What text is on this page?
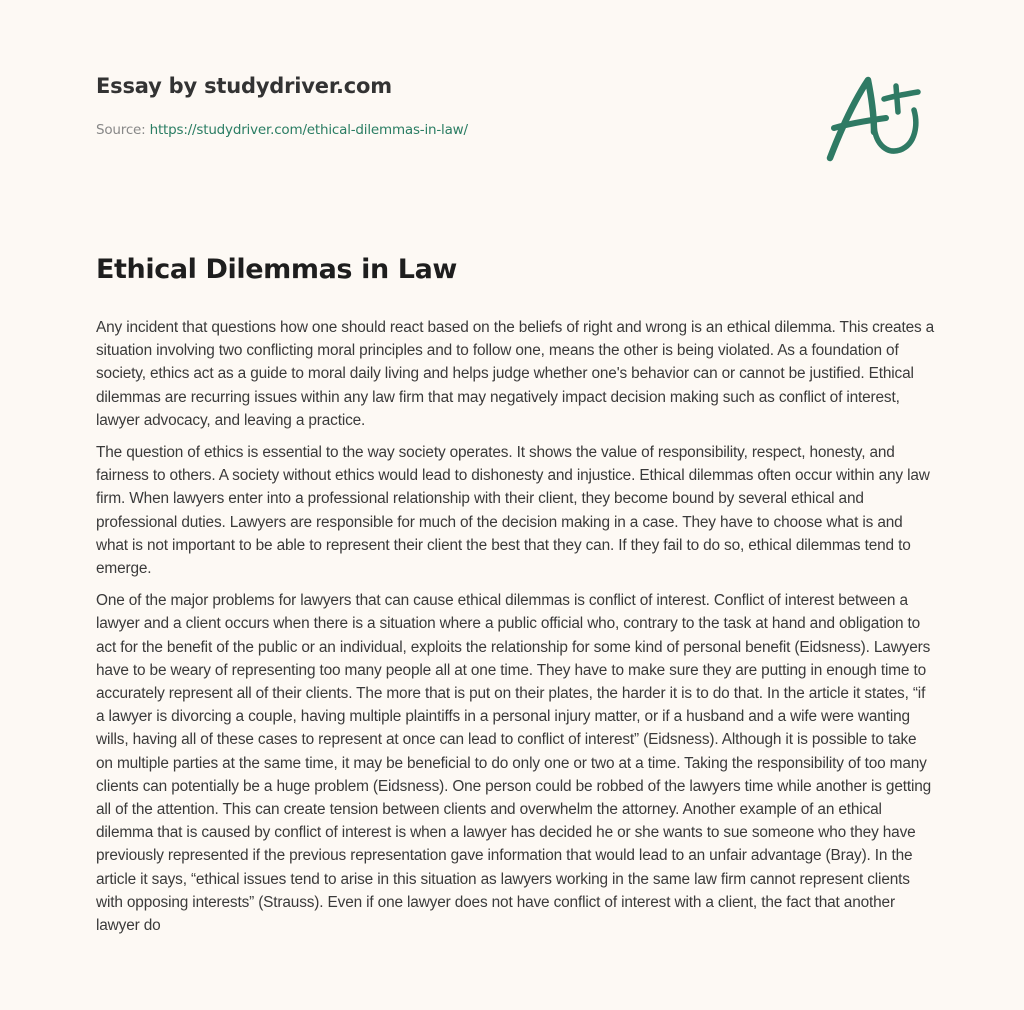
Essay by studydriver.com
Source: https://studydriver.com/ethical-dilemmas-in-law/
Ethical Dilemmas in Law

Any incident that questions how one should react based on the beliefs of right and wrong is an ethical dilemma. This creates a situation involving two conflicting moral principles and to follow one, means the other is being violated. As a foundation of society, ethics act as a guide to moral daily living and helps judge whether one's behavior can or cannot be justified. Ethical dilemmas are recurring issues within any law firm that may negatively impact decision making such as conflict of interest, lawyer advocacy, and leaving a practice.

The question of ethics is essential to the way society operates. It shows the value of responsibility, respect, honesty, and fairness to others. A society without ethics would lead to dishonesty and injustice. Ethical dilemmas often occur within any law firm. When lawyers enter into a professional relationship with their client, they become bound by several ethical and professional duties. Lawyers are responsible for much of the decision making in a case. They have to choose what is and what is not important to be able to represent their client the best that they can. If they fail to do so, ethical dilemmas tend to emerge.

One of the major problems for lawyers that can cause ethical dilemmas is conflict of interest. Conflict of interest between a lawyer and a client occurs when there is a situation where a public official who, contrary to the task at hand and obligation to act for the benefit of the public or an individual, exploits the relationship for some kind of personal benefit (Eidsness). Lawyers have to be weary of representing too many people all at one time. They have to make sure they are putting in enough time to accurately represent all of their clients. The more that is put on their plates, the harder it is to do that. In the article it states, “if a lawyer is divorcing a couple, having multiple plaintiffs in a personal injury matter, or if a husband and a wife were wanting wills, having all of these cases to represent at once can lead to conflict of interest” (Eidsness). Although it is possible to take on multiple parties at the same time, it may be beneficial to do only one or two at a time. Taking the responsibility of too many clients can potentially be a huge problem (Eidsness). One person could be robbed of the lawyers time while another is getting all of the attention. This can create tension between clients and overwhelm the attorney. Another example of an ethical dilemma that is caused by conflict of interest is when a lawyer has decided he or she wants to sue someone who they have previously represented if the previous representation gave information that would lead to an unfair advantage (Bray). In the article it says, “ethical issues tend to arise in this situation as lawyers working in the same law firm cannot represent clients with opposing interests” (Strauss). Even if one lawyer does not have conflict of interest with a client, the fact that another lawyer do
